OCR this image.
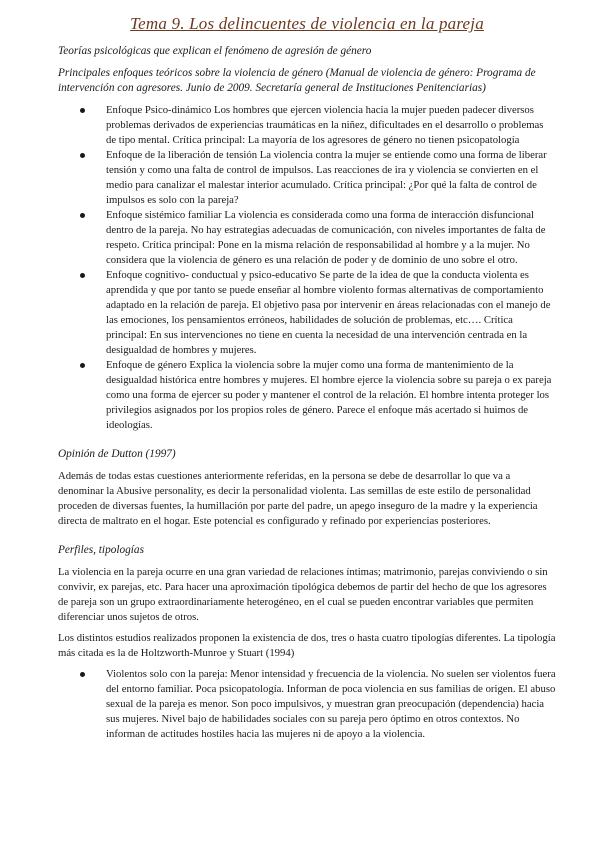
Tema 9. Los delincuentes de violencia en la pareja
Teorías psicológicas que explican el fenómeno de agresión de género
Principales enfoques teóricos sobre la violencia de género (Manual de violencia de género: Programa de intervención con agresores. Junio de 2009. Secretaría general de Instituciones Penitenciarias)
Enfoque Psico-dinámico Los hombres que ejercen violencia hacia la mujer pueden padecer diversos problemas derivados de experiencias traumáticas en la niñez, dificultades en el desarrollo o problemas de tipo mental. Crítica principal: La mayoría de los agresores de género no tienen psicopatología
Enfoque de la liberación de tensión La violencia contra la mujer se entiende como una forma de liberar tensión y como una falta de control de impulsos. Las reacciones de ira y violencia se convierten en el medio para canalizar el malestar interior acumulado. Crítica principal: ¿Por qué la falta de control de impulsos es solo con la pareja?
Enfoque sistémico familiar La violencia es considerada como una forma de interacción disfuncional dentro de la pareja. No hay estrategias adecuadas de comunicación, con niveles importantes de falta de respeto. Crítica principal: Pone en la misma relación de responsabilidad al hombre y a la mujer. No considera que la violencia de género es una relación de poder y de dominio de uno sobre el otro.
Enfoque cognitivo- conductual y psico-educativo Se parte de la idea de que la conducta violenta es aprendida y que por tanto se puede enseñar al hombre violento formas alternativas de comportamiento adaptado en la relación de pareja. El objetivo pasa por intervenir en áreas relacionadas con el manejo de las emociones, los pensamientos erróneos, habilidades de solución de problemas, etc…. Crítica principal: En sus intervenciones no tiene en cuenta la necesidad de una intervención centrada en la desigualdad de hombres y mujeres.
Enfoque de género Explica la violencia sobre la mujer como una forma de mantenimiento de la desigualdad histórica entre hombres y mujeres. El hombre ejerce la violencia sobre su pareja o ex pareja como una forma de ejercer su poder y mantener el control de la relación. El hombre intenta proteger los privilegios asignados por los propios roles de género. Parece el enfoque más acertado si huimos de ideologías.
Opinión de Dutton (1997)
Además de todas estas cuestiones anteriormente referidas, en la persona se debe de desarrollar lo que va a denominar la Abusive personality, es decir la personalidad violenta. Las semillas de este estilo de personalidad proceden de diversas fuentes, la humillación por parte del padre, un apego inseguro de la madre y la experiencia directa de maltrato en el hogar. Este potencial es configurado y refinado por experiencias posteriores.
Perfiles, tipologías
La violencia en la pareja ocurre en una gran variedad de relaciones íntimas; matrimonio, parejas conviviendo o sin convivir, ex parejas, etc. Para hacer una aproximación tipológica debemos de partir del hecho de que los agresores de pareja son un grupo extraordinariamente heterogéneo, en el cual se pueden encontrar variables que permiten diferenciar unos sujetos de otros.
Los distintos estudios realizados proponen la existencia de dos, tres o hasta cuatro tipologías diferentes. La tipología más citada es la de Holtzworth-Munroe y Stuart (1994)
Violentos solo con la pareja: Menor intensidad y frecuencia de la violencia. No suelen ser violentos fuera del entorno familiar. Poca psicopatología. Informan de poca violencia en sus familias de origen. El abuso sexual de la pareja es menor. Son poco impulsivos, y muestran gran preocupación (dependencia) hacia sus mujeres. Nivel bajo de habilidades sociales con su pareja pero óptimo en otros contextos. No informan de actitudes hostiles hacia las mujeres ni de apoyo a la violencia.
